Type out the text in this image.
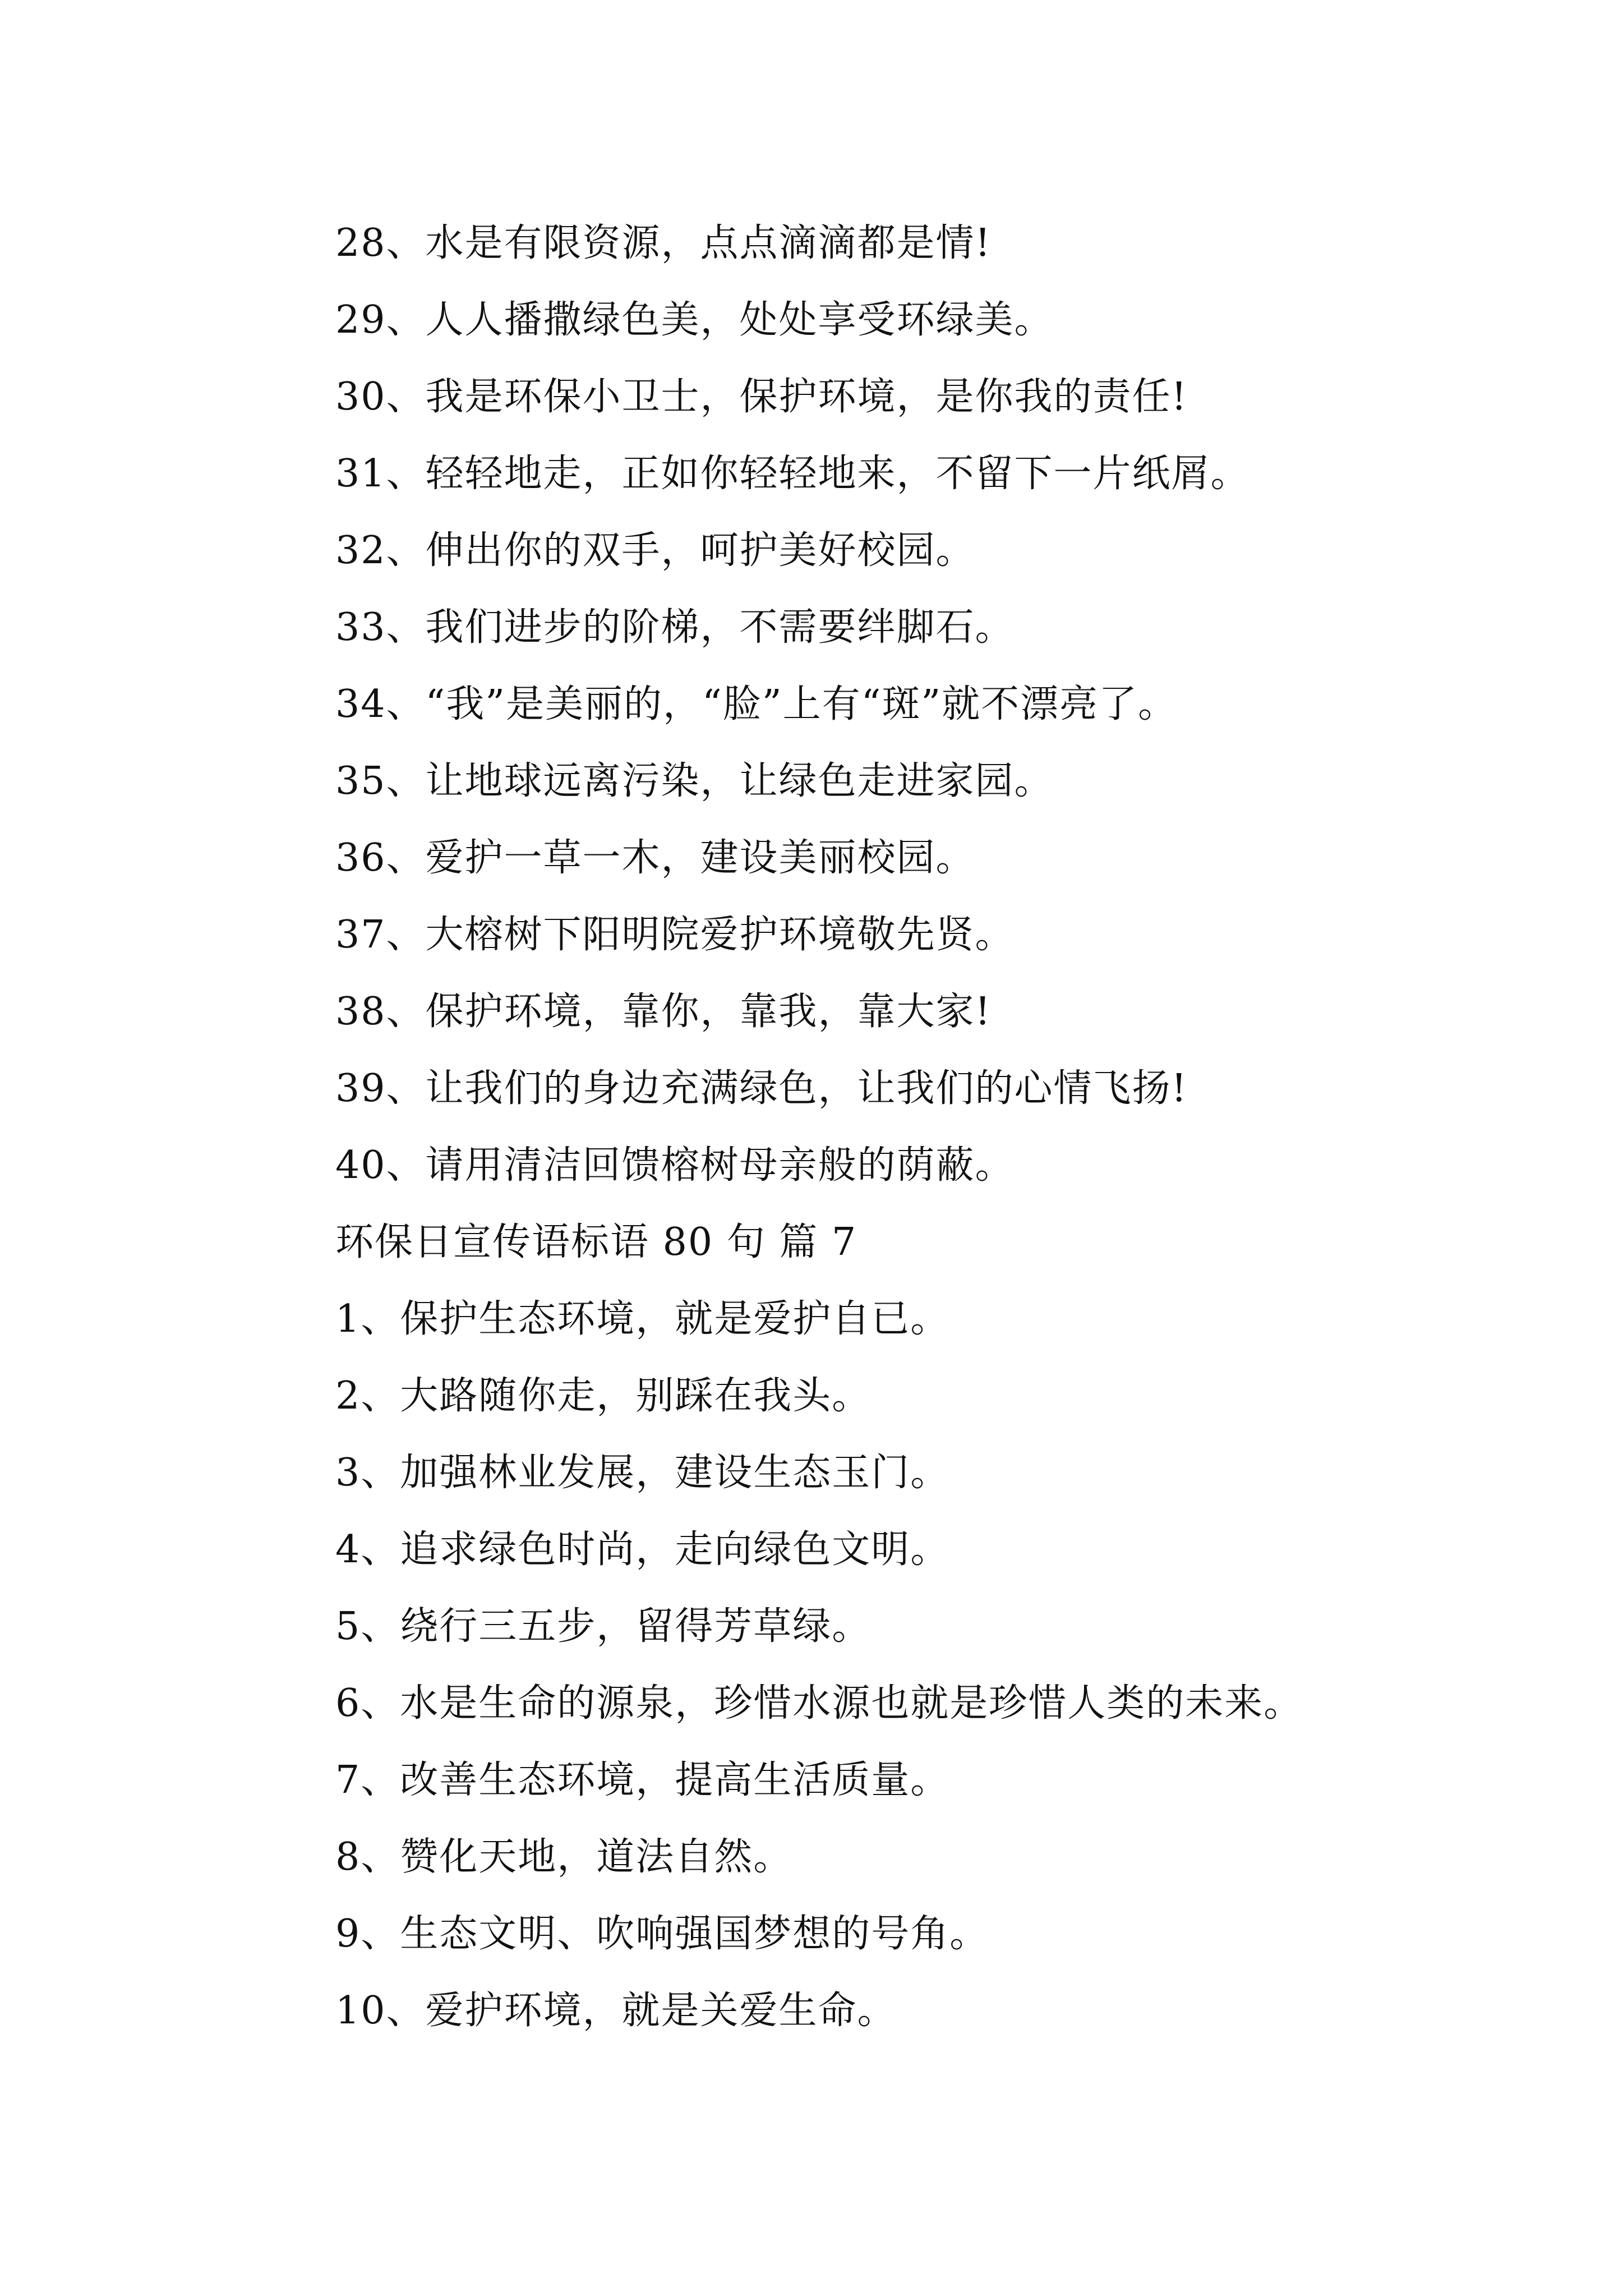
28、水是有限资源，点点滴滴都是情!
29、人人播撒绿色美，处处享受环绿美。
30、我是环保小卫士，保护环境，是你我的责任!
31、轻轻地走，正如你轻轻地来，不留下一片纸屑。
32、伸出你的双手，呵护美好校园。
33、我们进步的阶梯，不需要绊脚石。
34、“我”是美丽的，“脸”上有“斑”就不漂亮了。
35、让地球远离污染，让绿色走进家园。
36、爱护一草一木，建设美丽校园。
37、大榕树下阳明院爱护环境敬先贤。
38、保护环境，靠你，靠我，靠大家!
39、让我们的身边充满绿色，让我们的心情飞扬!
40、请用清洁回馈榕树母亲般的荫蔽。
环保日宣传语标语 80 句 篇 7
1、保护生态环境，就是爱护自已。
2、大路随你走，别踩在我头。
3、加强林业发展，建设生态玉门。
4、追求绿色时尚，走向绿色文明。
5、绕行三五步，留得芳草绿。
6、水是生命的源泉，珍惜水源也就是珍惜人类的未来。
7、改善生态环境，提高生活质量。
8、赞化天地，道法自然。
9、生态文明、吹响强国梦想的号角。
10、爱护环境，就是关爱生命。
